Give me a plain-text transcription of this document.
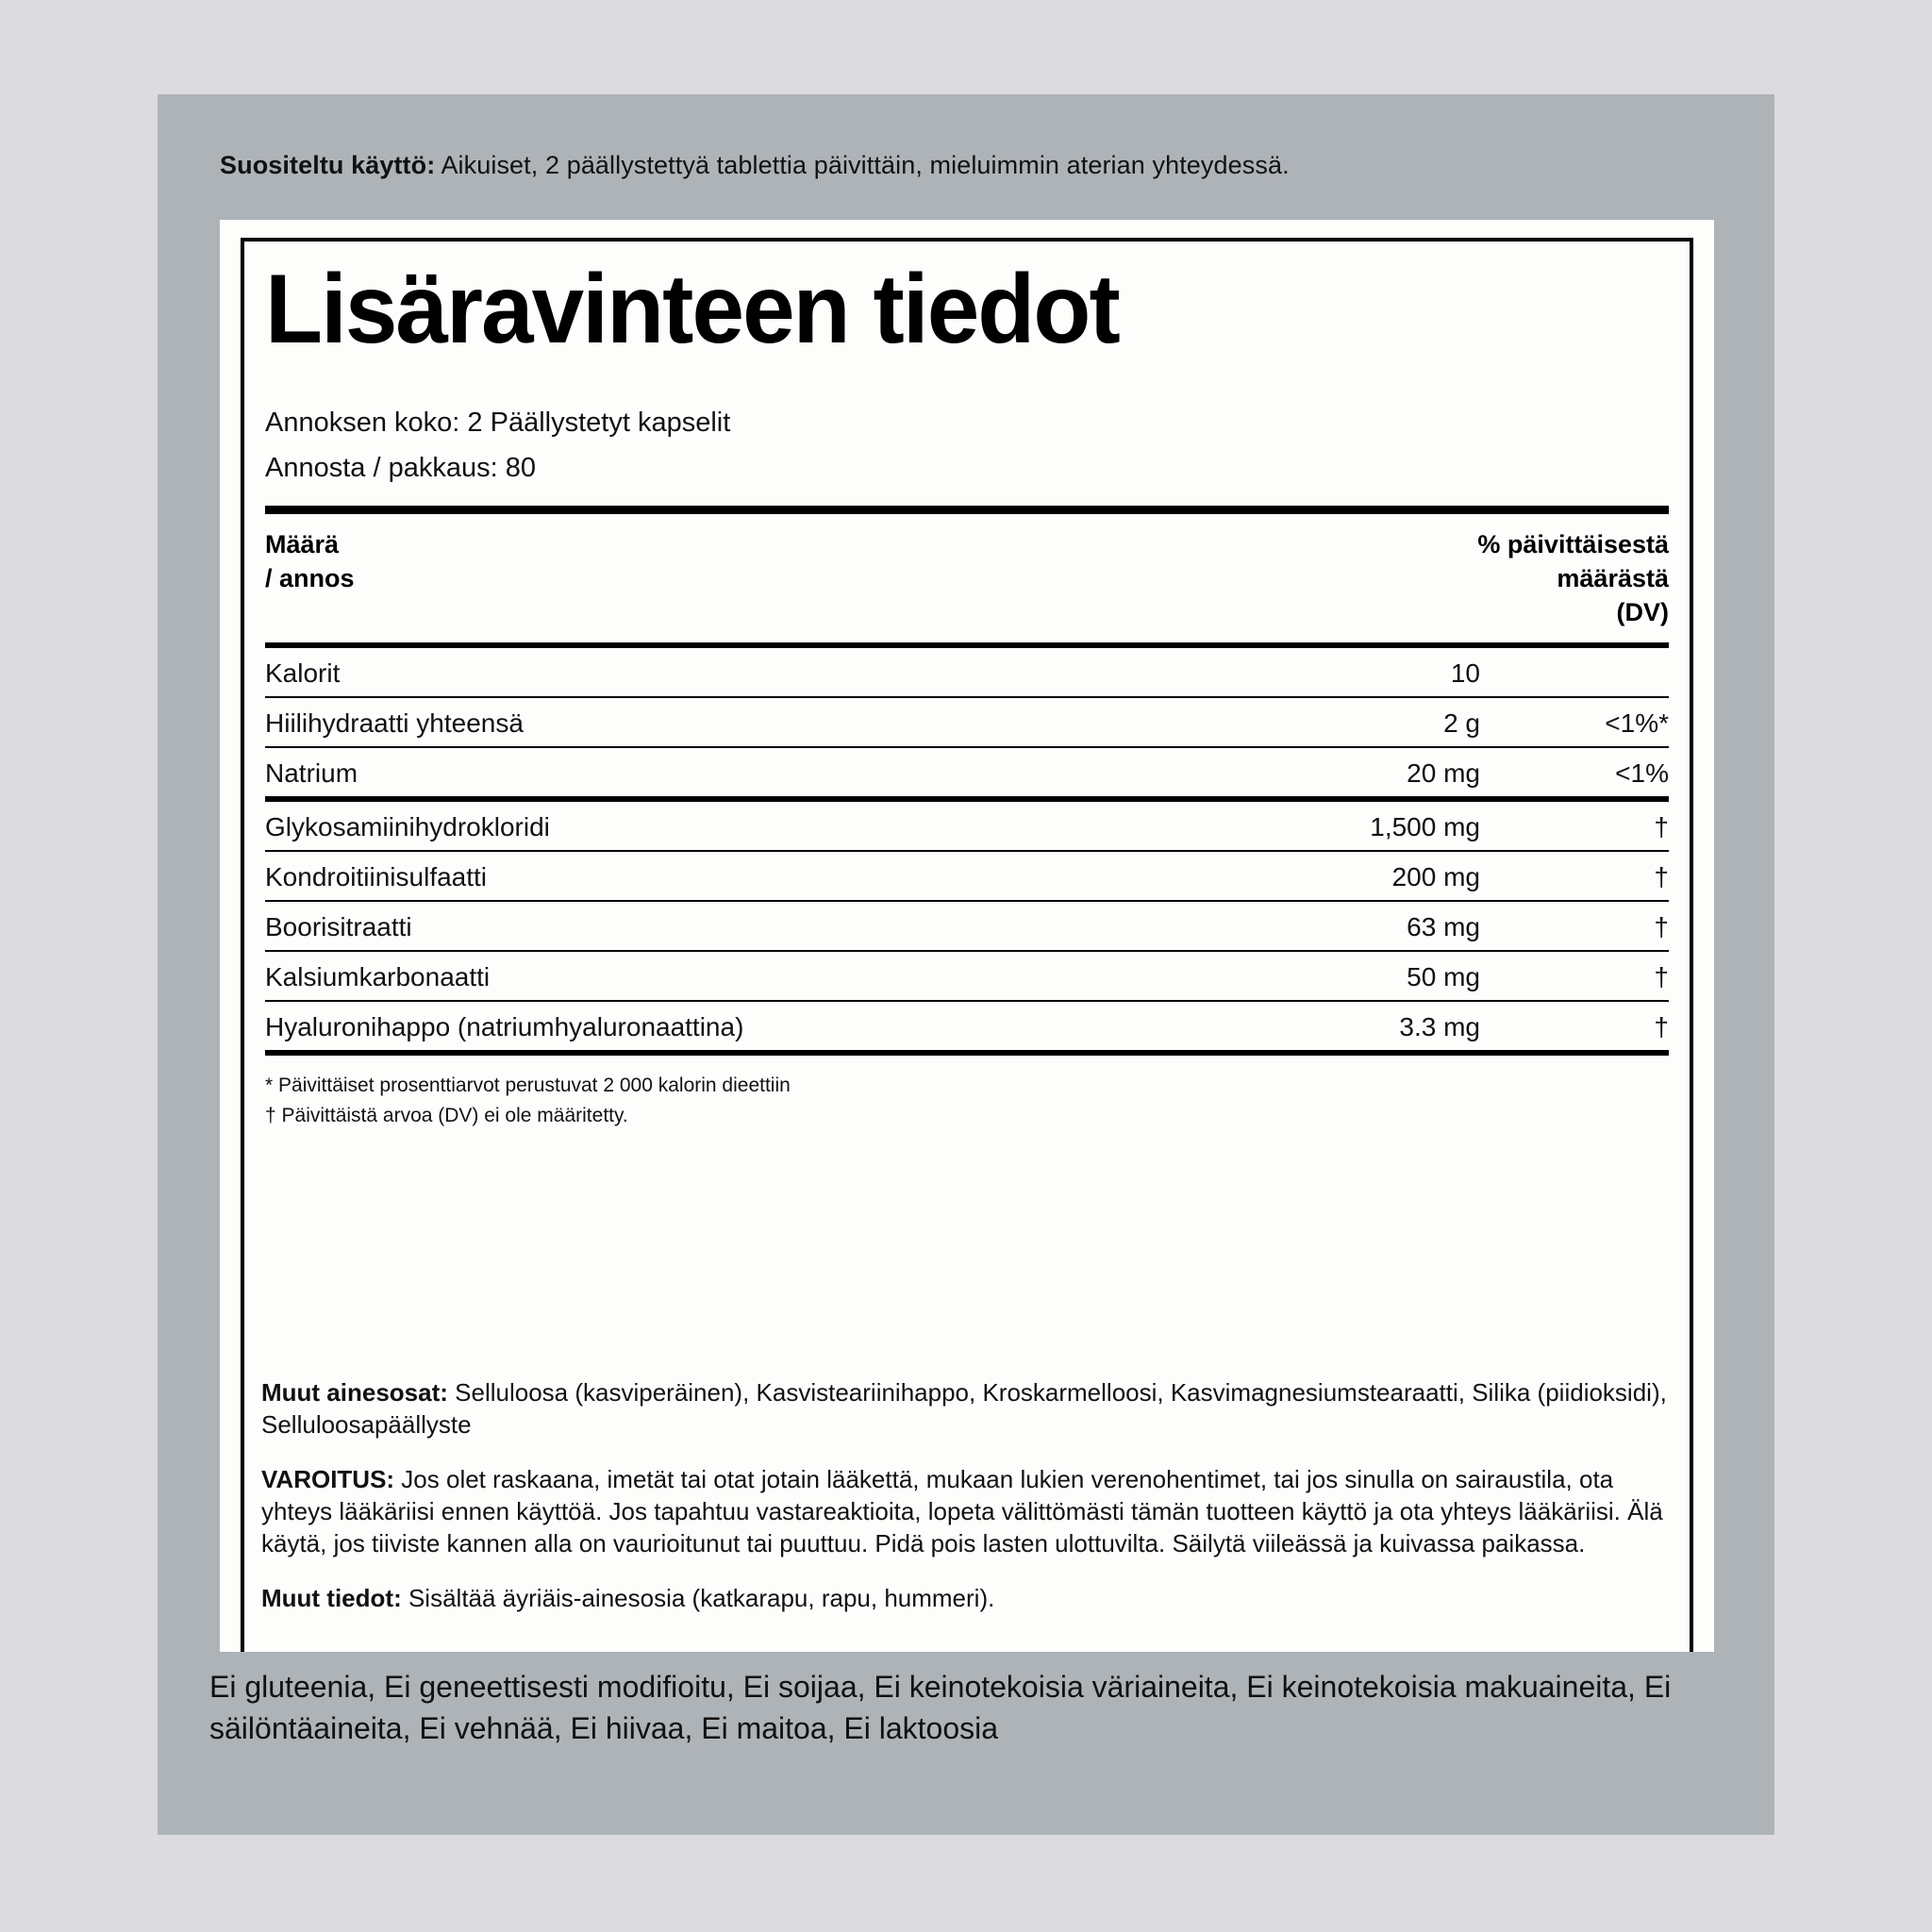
Suositeltu käyttö: Aikuiset, 2 päällystettyä tablettia päivittäin, mieluimmin aterian yhteydessä.
Lisäravinteen tiedot
Annoksen koko: 2 Päällystetyt kapselit
Annosta / pakkaus: 80
Määrä
/ annos
% päivittäisestä
määrästä
(DV)
Kalorit	10
Hiilihydraatti yhteensä	2 g	<1%*
Natrium	20 mg	<1%
Glykosamiinihydrokloridi	1,500 mg	†
Kondroitiinisulfaatti	200 mg	†
Boorisitraatti	63 mg	†
Kalsiumkarbonaatti	50 mg	†
Hyaluronihappo (natriumhyaluronaattina)	3.3 mg	†
* Päivittäiset prosenttiarvot perustuvat 2 000 kalorin dieettiin
† Päivittäistä arvoa (DV) ei ole määritetty.

Muut ainesosat: Selluloosa (kasviperäinen), Kasvisteariinihappo, Kroskarmelloosi, Kasvimagnesiumstearaatti, Silika (piidioksidi), Selluloosapäällyste

VAROITUS: Jos olet raskaana, imetät tai otat jotain lääkettä, mukaan lukien verenohentimet, tai jos sinulla on sairaustila, ota yhteys lääkäriisi ennen käyttöä. Jos tapahtuu vastareaktioita, lopeta välittömästi tämän tuotteen käyttö ja ota yhteys lääkäriisi. Älä käytä, jos tiiviste kannen alla on vaurioitunut tai puuttuu. Pidä pois lasten ulottuvilta. Säilytä viileässä ja kuivassa paikassa.

Muut tiedot: Sisältää äyriäis-ainesosia (katkarapu, rapu, hummeri).

Ei gluteenia, Ei geneettisesti modifioitu, Ei soijaa, Ei keinotekoisia väriaineita, Ei keinotekoisia makuaineita, Ei säilöntäaineita, Ei vehnää, Ei hiivaa, Ei maitoa, Ei laktoosia
